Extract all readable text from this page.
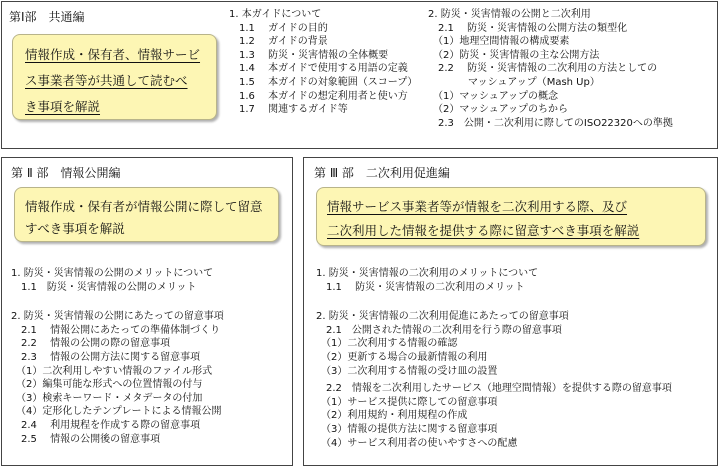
第Ⅰ部　共通編
情報作成・保有者、情報サービ
ス事業者等が共通して読むべ
き事項を解説
1. 本ガイドについて
　1.1　 ガイドの目的
　1.2　 ガイドの背景
　1.3　 防災・災害情報の全体概要
　1.4　 本ガイドで使用する用語の定義
　1.5　 本ガイドの対象範囲（スコープ）
　1.6　 本ガイドの想定利用者と使い方
　1.7　 関連するガイド等
2. 防災・災害情報の公開と二次利用
　2.1　 防災・災害情報の公開方法の類型化
　（1）地理空間情報の構成要素
　（2）防災・災害情報の主な公開方法
　2.2　 防災・災害情報の二次利用の方法としての
　　　　マッシュアップ（Mash Up）
　（1）マッシュアップの概念
　（2）マッシュアップのちから
　2.3　公開・二次利用に際してのISO22320への準拠
第 Ⅱ 部　情報公開編
情報作成・保有者が情報公開に際して留意
すべき事項を解説
1. 防災・災害情報の公開のメリットについて
　1.1　防災・災害情報の公開のメリット
2. 防災・災害情報の公開にあたっての留意事項
　2.1　 情報公開にあたっての準備体制づくり
　2.2　 情報の公開の際の留意事項
　2.3　 情報の公開方法に関する留意事項
　（1）二次利用しやすい情報のファイル形式
　（2）編集可能な形式への位置情報の付与
　（3）検索キーワード・メタデータの付加
　（4）定形化したテンプレートによる情報公開
　2.4　 利用規程を作成する際の留意事項
　2.5　 情報の公開後の留意事項
第 Ⅲ 部　二次利用促進編
情報サービス事業者等が情報を二次利用する際、及び
二次利用した情報を提供する際に留意すべき事項を解説
1. 防災・災害情報の二次利用のメリットについて
　1.1　 防災・災害情報の二次利用のメリット
2. 防災・災害情報の二次利用促進にあたっての留意事項
　2.1　公開された情報の二次利用を行う際の留意事項
　（1）二次利用する情報の確認
　（2）更新する場合の最新情報の利用
　（3）二次利用する情報の受け皿の設置
　2.2　情報を二次利用したサービス（地理空間情報）を提供する際の留意事項
　（1）サービス提供に際しての留意事項
　（2）利用規約・利用規程の作成
　（3）情報の提供方法に関する留意事項
　（4）サービス利用者の使いやすさへの配慮
